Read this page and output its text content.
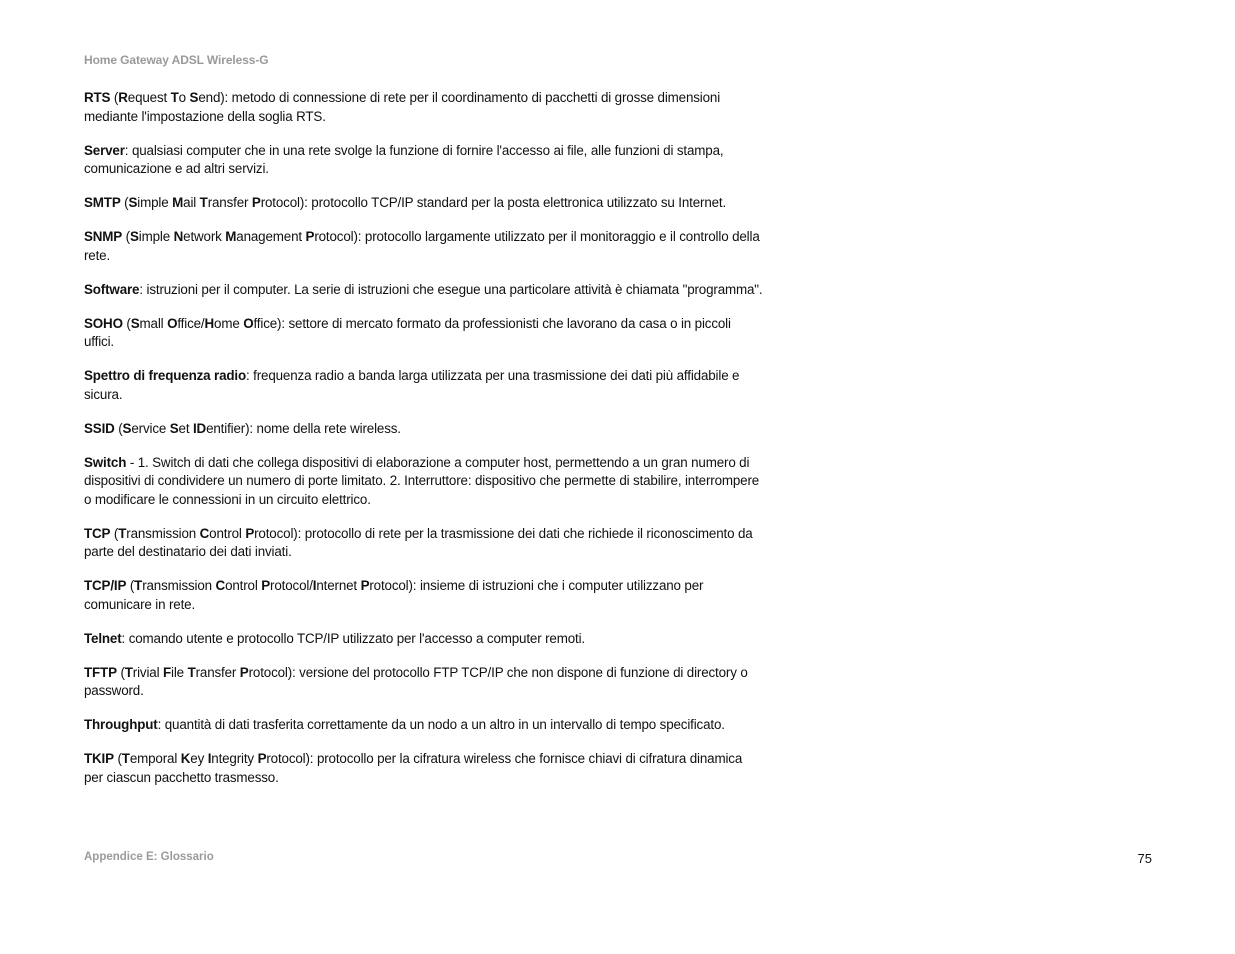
Home Gateway ADSL Wireless-G

RTS (Request To Send): metodo di connessione di rete per il coordinamento di pacchetti di grosse dimensioni mediante l'impostazione della soglia RTS.

Server: qualsiasi computer che in una rete svolge la funzione di fornire l'accesso ai file, alle funzioni di stampa, comunicazione e ad altri servizi.

SMTP (Simple Mail Transfer Protocol): protocollo TCP/IP standard per la posta elettronica utilizzato su Internet.

SNMP (Simple Network Management Protocol): protocollo largamente utilizzato per il monitoraggio e il controllo della rete.

Software: istruzioni per il computer. La serie di istruzioni che esegue una particolare attività è chiamata "programma".

SOHO (Small Office/Home Office): settore di mercato formato da professionisti che lavorano da casa o in piccoli uffici.

Spettro di frequenza radio: frequenza radio a banda larga utilizzata per una trasmissione dei dati più affidabile e sicura.

SSID (Service Set IDentifier): nome della rete wireless.

Switch - 1. Switch di dati che collega dispositivi di elaborazione a computer host, permettendo a un gran numero di dispositivi di condividere un numero di porte limitato. 2. Interruttore: dispositivo che permette di stabilire, interrompere o modificare le connessioni in un circuito elettrico.

TCP (Transmission Control Protocol): protocollo di rete per la trasmissione dei dati che richiede il riconoscimento da parte del destinatario dei dati inviati.

TCP/IP (Transmission Control Protocol/Internet Protocol): insieme di istruzioni che i computer utilizzano per comunicare in rete.

Telnet: comando utente e protocollo TCP/IP utilizzato per l'accesso a computer remoti.

TFTP (Trivial File Transfer Protocol): versione del protocollo FTP TCP/IP che non dispone di funzione di directory o password.

Throughput: quantità di dati trasferita correttamente da un nodo a un altro in un intervallo di tempo specificato.

TKIP (Temporal Key Integrity Protocol): protocollo per la cifratura wireless che fornisce chiavi di cifratura dinamica per ciascun pacchetto trasmesso.

Appendice E: Glossario	75
